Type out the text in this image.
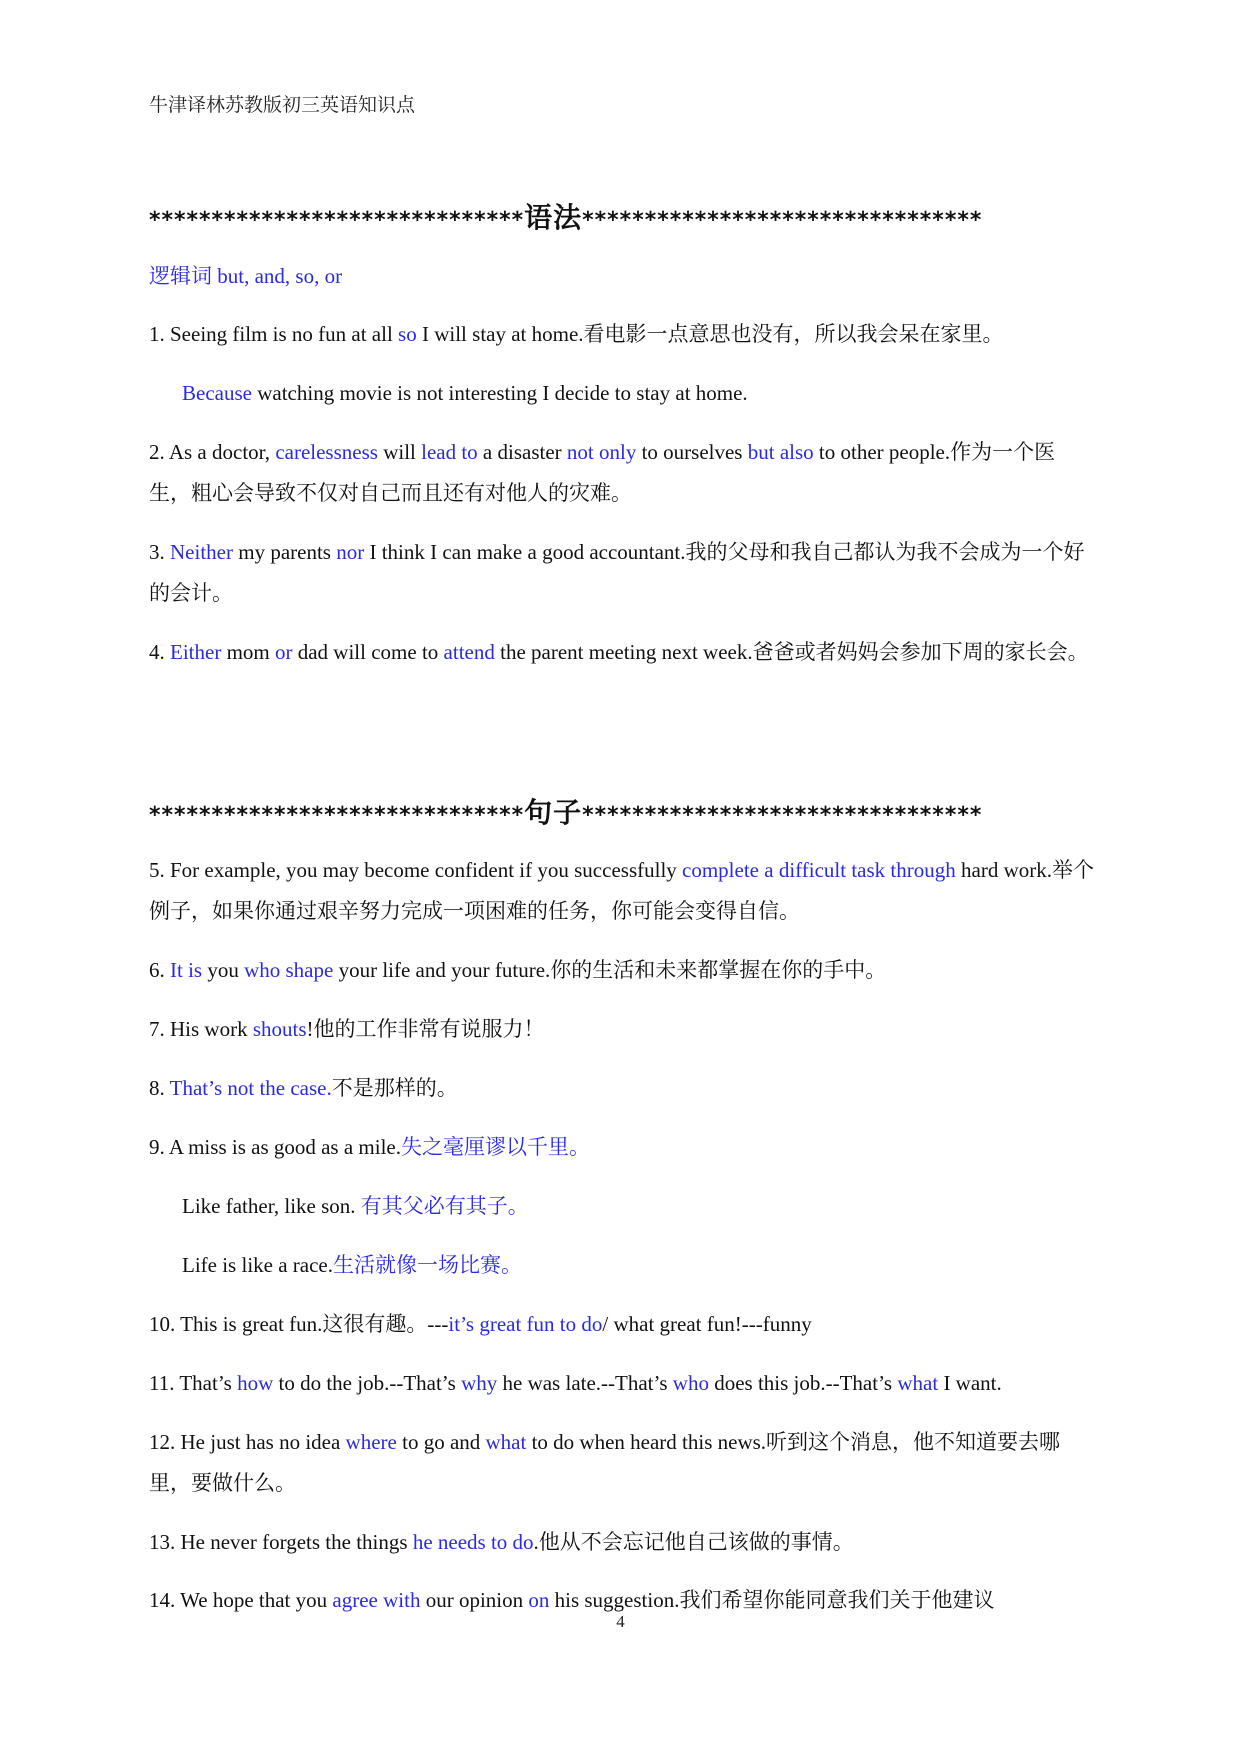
牛津译林苏教版初三英语知识点
******************************语法********************************
逻辑词 but, and, so, or
1. Seeing film is no fun at all so I will stay at home.看电影一点意思也没有，所以我会呆在家里。
Because watching movie is not interesting I decide to stay at home.
2. As a doctor, carelessness will lead to a disaster not only to ourselves but also to other people.作为一个医生，粗心会导致不仅对自己而且还有对他人的灾难。
3. Neither my parents nor I think I can make a good accountant.我的父母和我自己都认为我不会成为一个好的会计。
4. Either mom or dad will come to attend the parent meeting next week.爸爸或者妈妈会参加下周的家长会。
******************************句子********************************
5. For example, you may become confident if you successfully complete a difficult task through hard work.举个例子，如果你通过艰辛努力完成一项困难的任务，你可能会变得自信。
6. It is you who shape your life and your future.你的生活和未来都掌握在你的手中。
7. His work shouts!他的工作非常有说服力！
8. That’s not the case.不是那样的。
9. A miss is as good as a mile.失之毫厘谬以千里。
Like father, like son. 有其父必有其子。
Life is like a race.生活就像一场比赛。
10. This is great fun.这很有趣。---it’s great fun to do/ what great fun!---funny
11. That’s how to do the job.--That’s why he was late.--That’s who does this job.--That’s what I want.
12. He just has no idea where to go and what to do when heard this news.听到这个消息，他不知道要去哪里，要做什么。
13. He never forgets the things he needs to do.他从不会忘记他自己该做的事情。
14. We hope that you agree with our opinion on his suggestion.我们希望你能同意我们关于他建议
4
